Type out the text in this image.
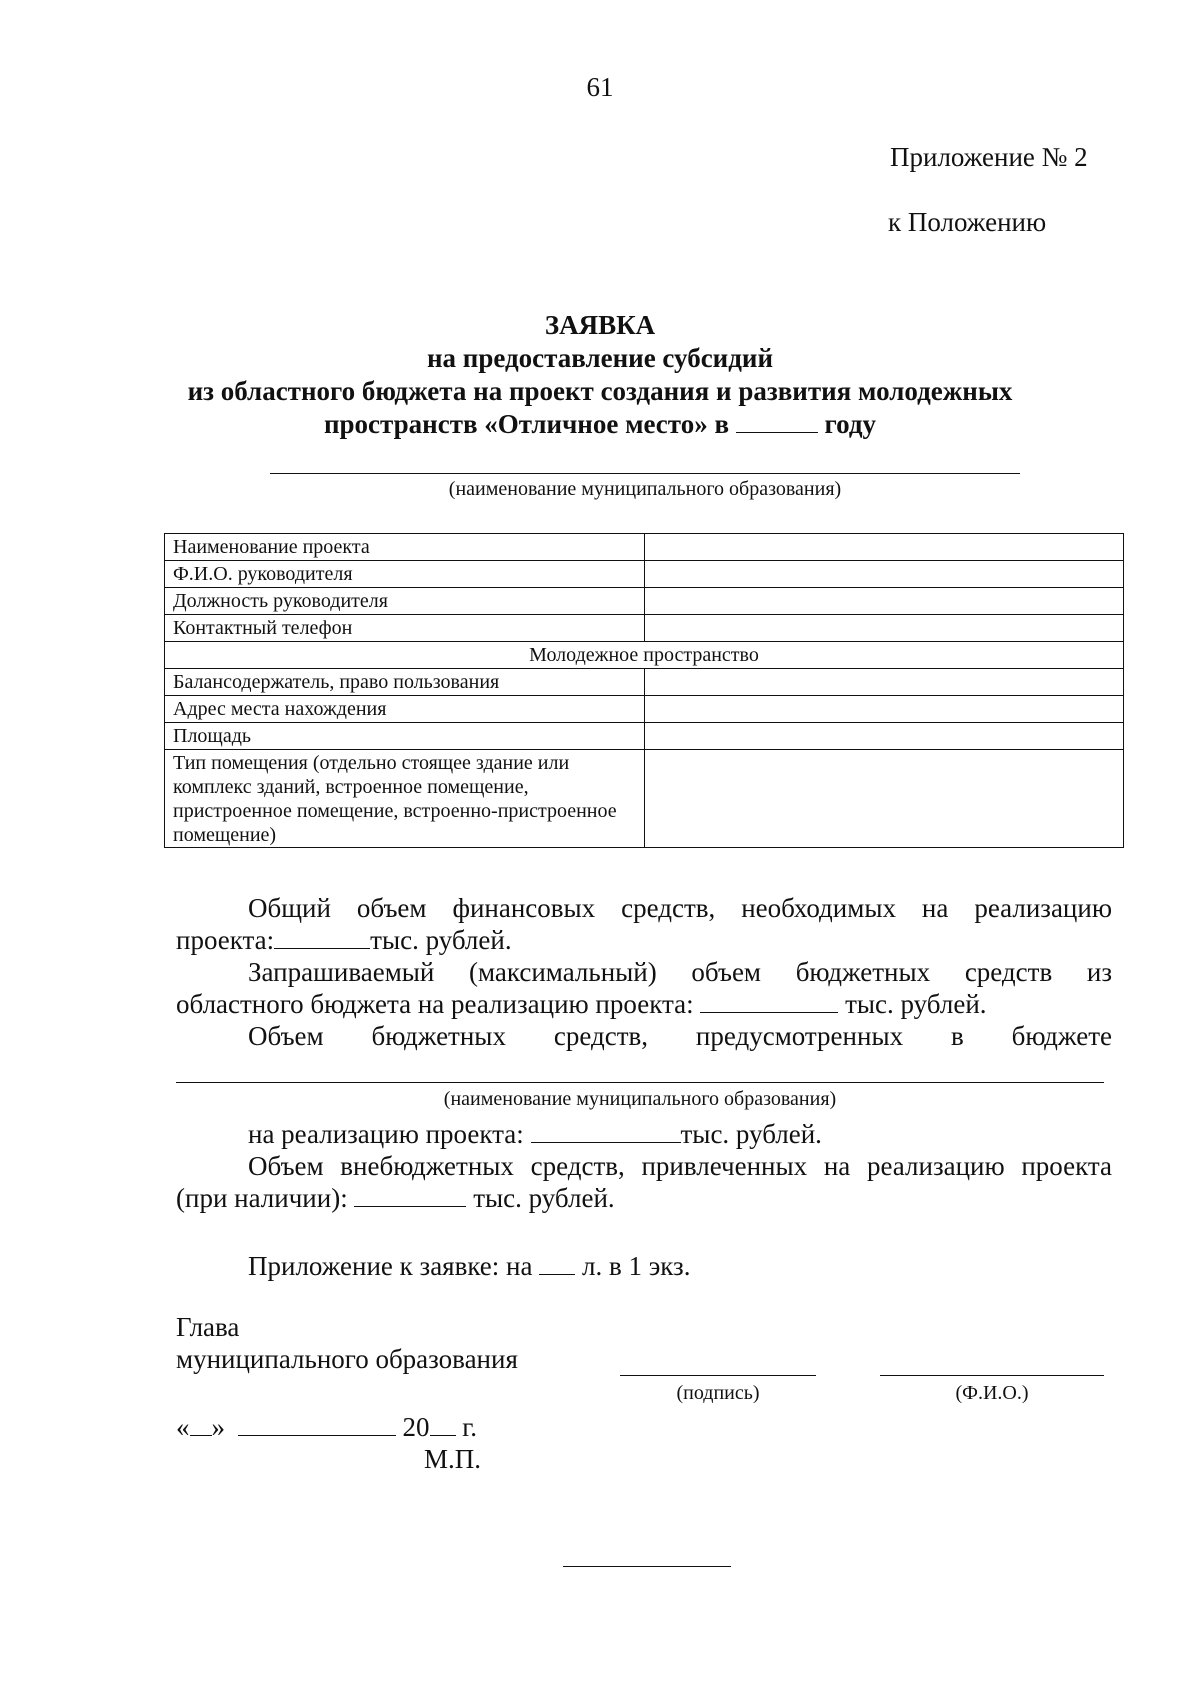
61
Приложение № 2
к Положению
ЗАЯВКА
на предоставление субсидий
из областного бюджета на проект создания и развития молодежных
пространств «Отличное место» в	году
(наименование муниципального образования)
Наименование проекта	
Ф.И.О. руководителя	
Должность руководителя	
Контактный телефон	
Молодежное пространство	
Балансодержатель, право пользования	
Адрес места нахождения	
Площадь	
Тип помещения (отдельно стоящее здание или комплекс зданий, встроенное помещение, пристроенное помещение, встроенно-пристроенное помещение)	
Общий объем финансовых средств, необходимых на реализацию
проекта:	тыс. рублей.
Запрашиваемый (максимальный) объем бюджетных средств из
областного бюджета на реализацию проекта:	тыс. рублей.
Объем бюджетных средств, предусмотренных в бюджете
(наименование муниципального образования)
на реализацию проекта:	тыс. рублей.
Объем внебюджетных средств, привлеченных на реализацию проекта
(при наличии):	тыс. рублей.
Приложение к заявке: на л. в 1 экз.
Глава
муниципального образования
(подпись)	(Ф.И.О.)
« »	20 г.
М.П.
